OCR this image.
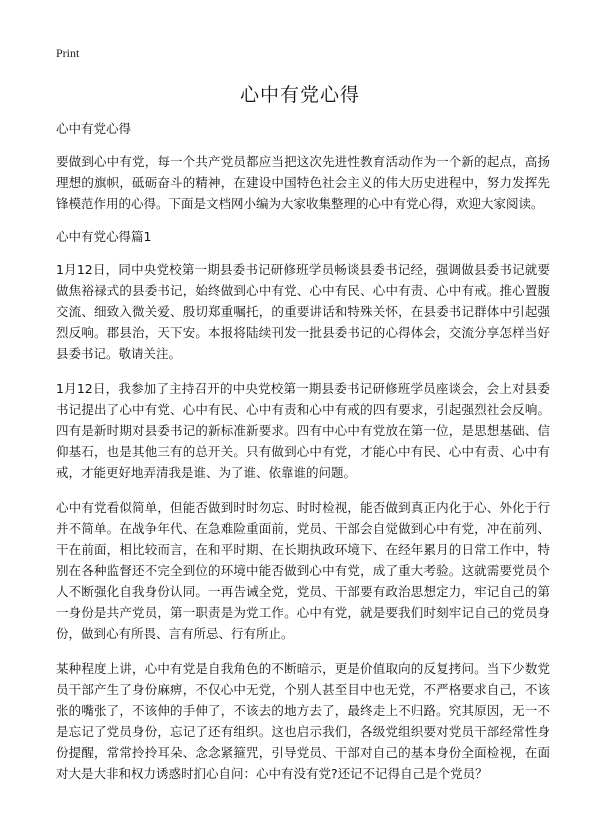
Print
心中有党心得

心中有党心得

要做到心中有党，每一个共产党员都应当把这次先进性教育活动作为一个新的起点，高扬理想的旗帜，砥砺奋斗的精神，在建设中国特色社会主义的伟大历史进程中，努力发挥先锋模范作用的心得。下面是文档网小编为大家收集整理的心中有党心得，欢迎大家阅读。

心中有党心得篇1

1月12日，同中央党校第一期县委书记研修班学员畅谈县委书记经，强调做县委书记就要做焦裕禄式的县委书记，始终做到心中有党、心中有民、心中有责、心中有戒。推心置腹交流、细致入微关爱、殷切郑重嘱托，的重要讲话和特殊关怀，在县委书记群体中引起强烈反响。郡县治，天下安。本报将陆续刊发一批县委书记的心得体会，交流分享怎样当好县委书记。敬请关注。

1月12日，我参加了主持召开的中央党校第一期县委书记研修班学员座谈会，会上对县委书记提出了心中有党、心中有民、心中有责和心中有戒的四有要求，引起强烈社会反响。四有是新时期对县委书记的新标准新要求。四有中心中有党放在第一位，是思想基础、信仰基石，也是其他三有的总开关。只有做到心中有党，才能心中有民、心中有责、心中有戒，才能更好地弄清我是谁、为了谁、依靠谁的问题。

心中有党看似简单，但能否做到时时勿忘、时时检视，能否做到真正内化于心、外化于行并不简单。在战争年代、在急难险重面前，党员、干部会自觉做到心中有党，冲在前列、干在前面，相比较而言，在和平时期、在长期执政环境下、在经年累月的日常工作中，特别在各种监督还不完全到位的环境中能否做到心中有党，成了重大考验。这就需要党员个人不断强化自我身份认同。一再告诫全党，党员、干部要有政治思想定力，牢记自己的第一身份是共产党员，第一职责是为党工作。心中有党，就是要我们时刻牢记自己的党员身份，做到心有所畏、言有所忌、行有所止。

某种程度上讲，心中有党是自我角色的不断暗示，更是价值取向的反复拷问。当下少数党员干部产生了身份麻痹，不仅心中无党，个别人甚至目中也无党，不严格要求自己，不该张的嘴张了，不该伸的手伸了，不该去的地方去了，最终走上不归路。究其原因，无一不是忘记了党员身份，忘记了还有组织。这也启示我们，各级党组织要对党员干部经常性身份提醒，常常拎拎耳朵、念念紧箍咒，引导党员、干部对自己的基本身份全面检视，在面对大是大非和权力诱惑时扪心自问：心中有没有党?还记不记得自己是个党员？
